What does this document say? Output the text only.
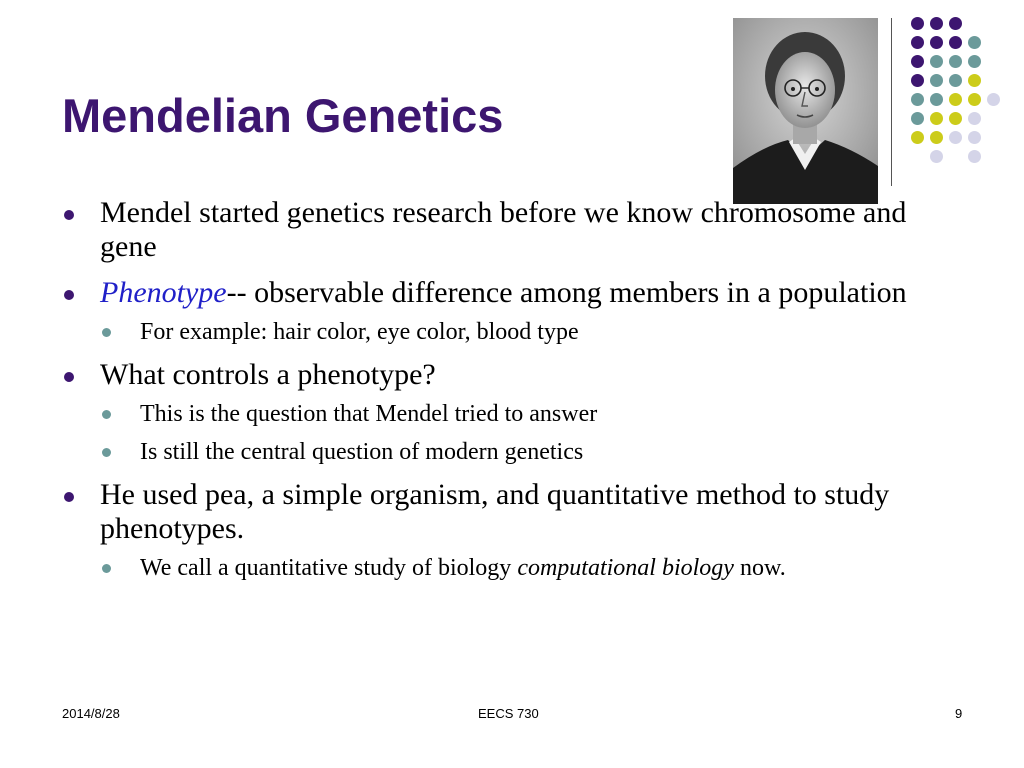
Mendelian Genetics
Mendel started genetics research before we know chromosome and gene
Phenotype-- observable difference among members in a population
For example: hair color, eye color, blood type
What controls a phenotype?
This is the question that Mendel tried to answer
Is still the central question of modern genetics
He used pea, a simple organism, and quantitative method to study phenotypes.
We call a quantitative study of biology computational biology now.
2014/8/28	EECS 730	9
